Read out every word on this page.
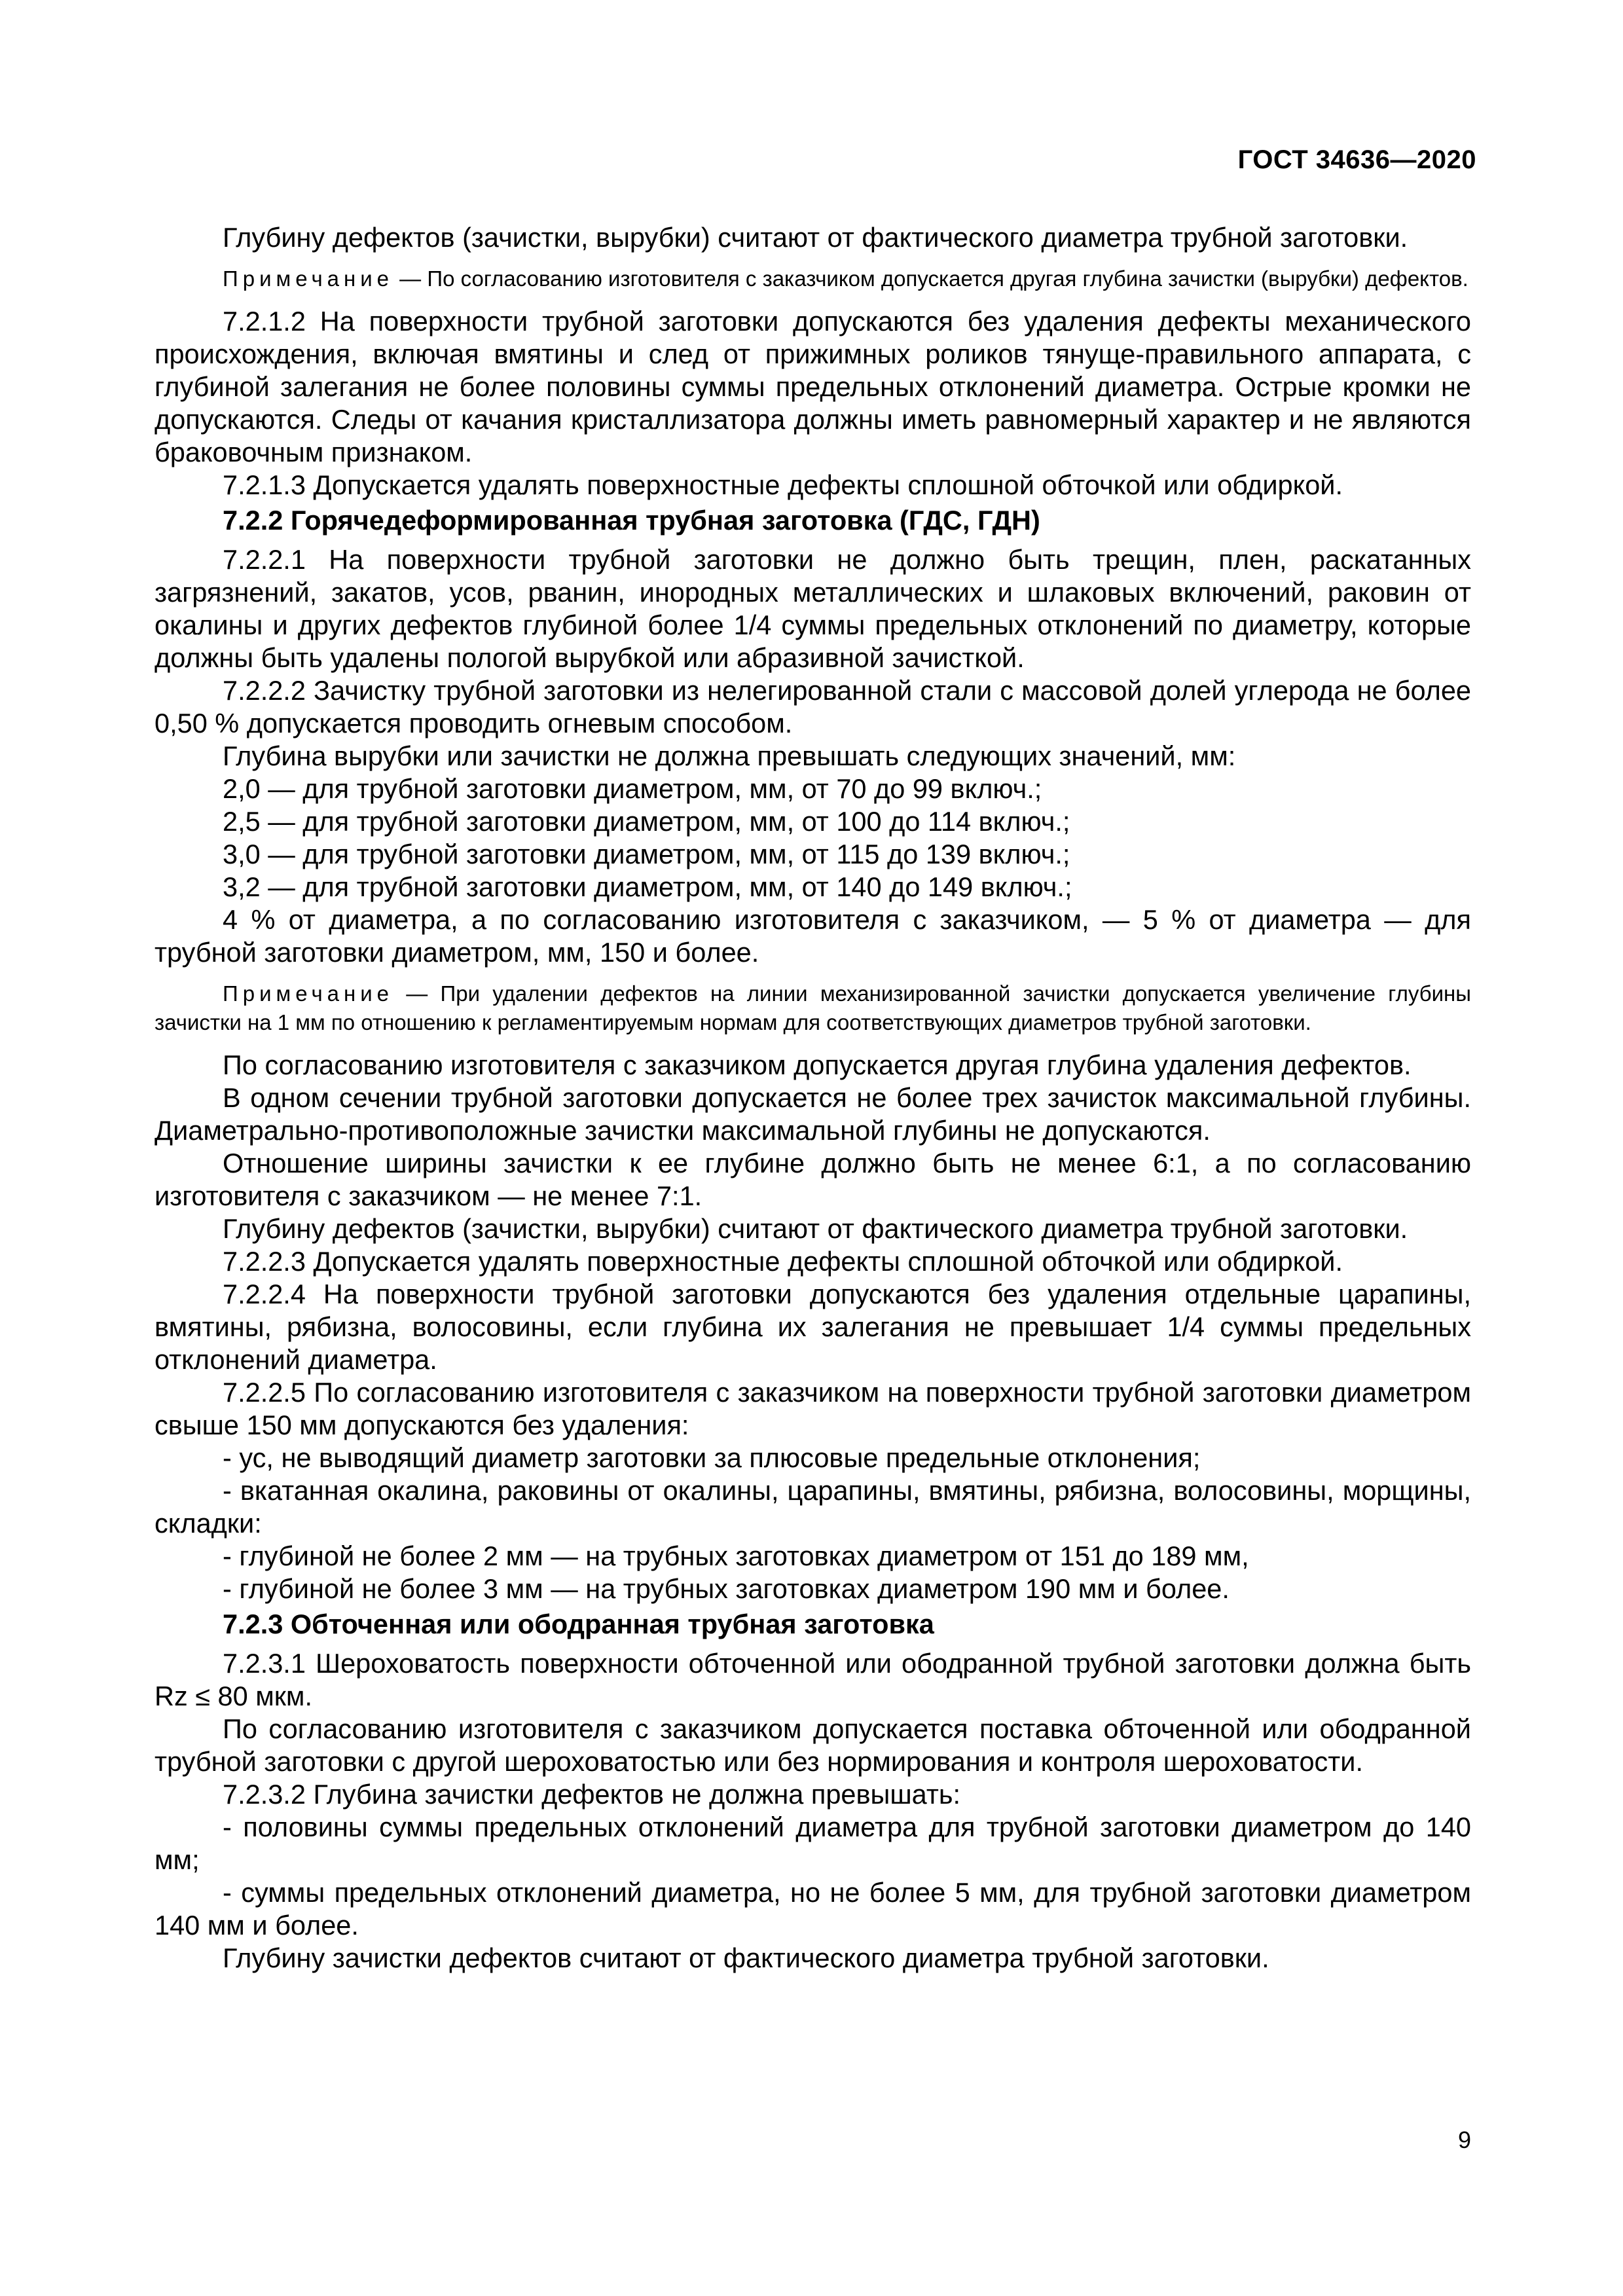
ГОСТ 34636—2020

Глубину дефектов (зачистки, вырубки) считают от фактического диаметра трубной заготовки.

Примечание — По согласованию изготовителя с заказчиком допускается другая глубина зачистки (вырубки) дефектов.

7.2.1.2 На поверхности трубной заготовки допускаются без удаления дефекты механического происхождения, включая вмятины и след от прижимных роликов тянуще-правильного аппарата, с глубиной залегания не более половины суммы предельных отклонений диаметра. Острые кромки не допускаются. Следы от качания кристаллизатора должны иметь равномерный характер и не являются браковочным признаком.

7.2.1.3 Допускается удалять поверхностные дефекты сплошной обточкой или обдиркой.

7.2.2 Горячедеформированная трубная заготовка (ГДС, ГДН)

7.2.2.1 На поверхности трубной заготовки не должно быть трещин, плен, раскатанных загрязнений, закатов, усов, рванин, инородных металлических и шлаковых включений, раковин от окалины и других дефектов глубиной более 1/4 суммы предельных отклонений по диаметру, которые должны быть удалены пологой вырубкой или абразивной зачисткой.

7.2.2.2 Зачистку трубной заготовки из нелегированной стали с массовой долей углерода не более 0,50 % допускается проводить огневым способом.

Глубина вырубки или зачистки не должна превышать следующих значений, мм:

2,0 — для трубной заготовки диаметром, мм, от 70 до 99 включ.;

2,5 — для трубной заготовки диаметром, мм, от 100 до 114 включ.;

3,0 — для трубной заготовки диаметром, мм, от 115 до 139 включ.;

3,2 — для трубной заготовки диаметром, мм, от 140 до 149 включ.;

4 % от диаметра, а по согласованию изготовителя с заказчиком, — 5 % от диаметра — для трубной заготовки диаметром, мм, 150 и более.

Примечание — При удалении дефектов на линии механизированной зачистки допускается увеличение глубины зачистки на 1 мм по отношению к регламентируемым нормам для соответствующих диаметров трубной заготовки.

По согласованию изготовителя с заказчиком допускается другая глубина удаления дефектов.

В одном сечении трубной заготовки допускается не более трех зачисток максимальной глубины. Диаметрально-противоположные зачистки максимальной глубины не допускаются.

Отношение ширины зачистки к ее глубине должно быть не менее 6:1, а по согласованию изготовителя с заказчиком — не менее 7:1.

Глубину дефектов (зачистки, вырубки) считают от фактического диаметра трубной заготовки.

7.2.2.3 Допускается удалять поверхностные дефекты сплошной обточкой или обдиркой.

7.2.2.4 На поверхности трубной заготовки допускаются без удаления отдельные царапины, вмятины, рябизна, волосовины, если глубина их залегания не превышает 1/4 суммы предельных отклонений диаметра.

7.2.2.5 По согласованию изготовителя с заказчиком на поверхности трубной заготовки диаметром свыше 150 мм допускаются без удаления:

- ус, не выводящий диаметр заготовки за плюсовые предельные отклонения;

- вкатанная окалина, раковины от окалины, царапины, вмятины, рябизна, волосовины, морщины, складки:

- глубиной не более 2 мм — на трубных заготовках диаметром от 151 до 189 мм,

- глубиной не более 3 мм — на трубных заготовках диаметром 190 мм и более.

7.2.3 Обточенная или ободранная трубная заготовка

7.2.3.1 Шероховатость поверхности обточенной или ободранной трубной заготовки должна быть Rz ≤ 80 мкм.

По согласованию изготовителя с заказчиком допускается поставка обточенной или ободранной трубной заготовки с другой шероховатостью или без нормирования и контроля шероховатости.

7.2.3.2 Глубина зачистки дефектов не должна превышать:

- половины суммы предельных отклонений диаметра для трубной заготовки диаметром до 140 мм;

- суммы предельных отклонений диаметра, но не более 5 мм, для трубной заготовки диаметром 140 мм и более.

Глубину зачистки дефектов считают от фактического диаметра трубной заготовки.

9
